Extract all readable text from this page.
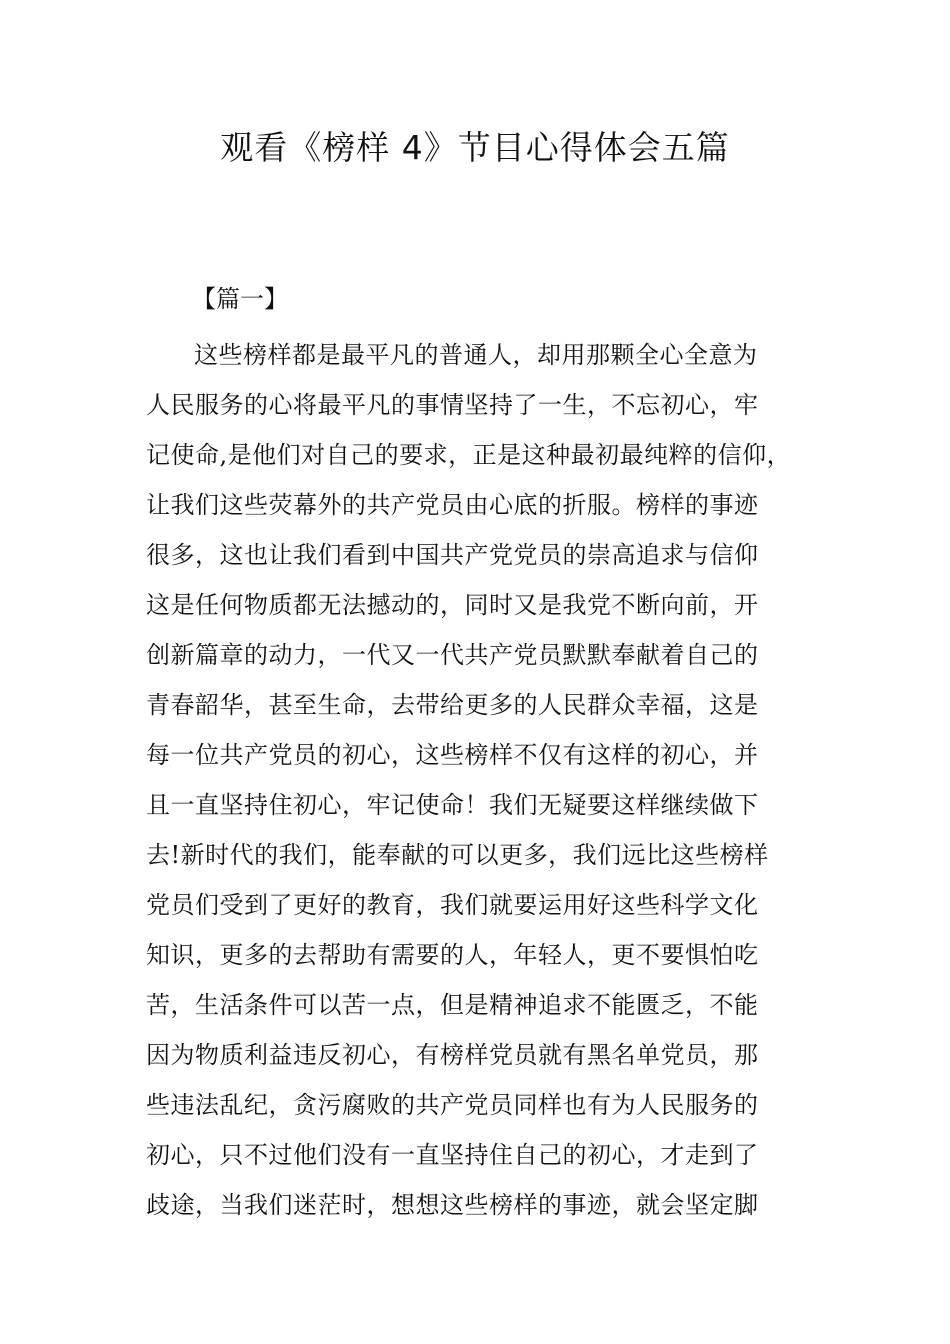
观看《榜样 4》节目心得体会五篇
【篇一】
这些榜样都是最平凡的普通人，却用那颗全心全意为
人民服务的心将最平凡的事情坚持了一生，不忘初心，牢
记使命,是他们对自己的要求，正是这种最初最纯粹的信仰，
让我们这些荧幕外的共产党员由心底的折服。榜样的事迹
很多，这也让我们看到中国共产党党员的崇高追求与信仰
这是任何物质都无法撼动的，同时又是我党不断向前，开
创新篇章的动力，一代又一代共产党员默默奉献着自己的
青春韶华，甚至生命，去带给更多的人民群众幸福，这是
每一位共产党员的初心，这些榜样不仅有这样的初心，并
且一直坚持住初心，牢记使命！我们无疑要这样继续做下
去!新时代的我们，能奉献的可以更多，我们远比这些榜样
党员们受到了更好的教育，我们就要运用好这些科学文化
知识，更多的去帮助有需要的人，年轻人，更不要惧怕吃
苦，生活条件可以苦一点，但是精神追求不能匮乏，不能
因为物质利益违反初心，有榜样党员就有黑名单党员，那
些违法乱纪，贪污腐败的共产党员同样也有为人民服务的
初心，只不过他们没有一直坚持住自己的初心，才走到了
歧途，当我们迷茫时，想想这些榜样的事迹，就会坚定脚
